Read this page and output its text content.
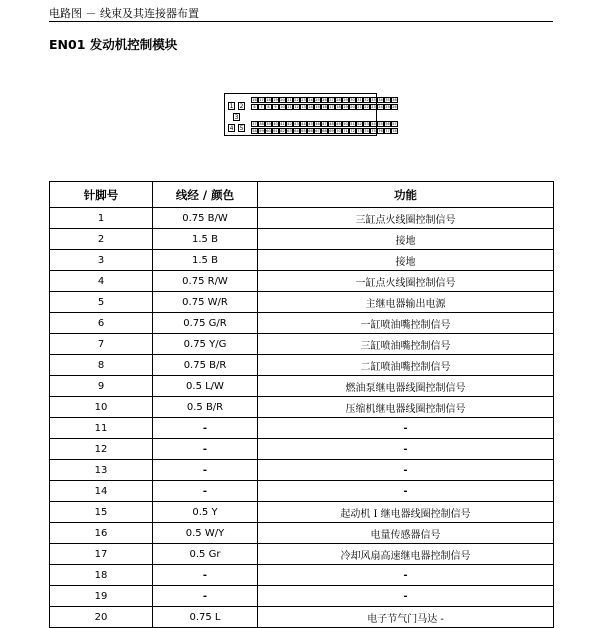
电路图 － 线束及其连接器布置
EN01 发动机控制模块
1 2
3
4 5
16 17 18 19 20 21 22 23 24 25 26 27 28 29 30 31 32 33 34 35 36
6	7	8	9	10 11 12 13 14 15 16 17 18 19 20 21 22 23 24 25 26
37 38 39 40 41 42 43 44 45 46 47 48 49 50 51 52 53 54 55 56 57
58 59 60 61 62 63 64 65 66 67 68 69 70 71 72 73 74 75 76 77 78
针脚号	线经 / 颜色	功能
1	0.75 B/W	三缸点火线圈控制信号
2	1.5 B	接地
3	1.5 B	接地
4	0.75 R/W	一缸点火线圈控制信号
5	0.75 W/R	主继电器输出电源
6	0.75 G/R	一缸喷油嘴控制信号
7	0.75 Y/G	三缸喷油嘴控制信号
8	0.75 B/R	二缸喷油嘴控制信号
9	0.5 L/W	燃油泵继电器线圈控制信号
10	0.5 B/R	压缩机继电器线圈控制信号
11	-	-
12	-	-
13	-	-
14	-	-
15	0.5 Y	起动机 I 继电器线圈控制信号
16	0.5 W/Y	电量传感器信号
17	0.5 Gr	冷却风扇高速继电器控制信号
18	-	-
19	-	-
20	0.75 L	电子节气门马达 -
